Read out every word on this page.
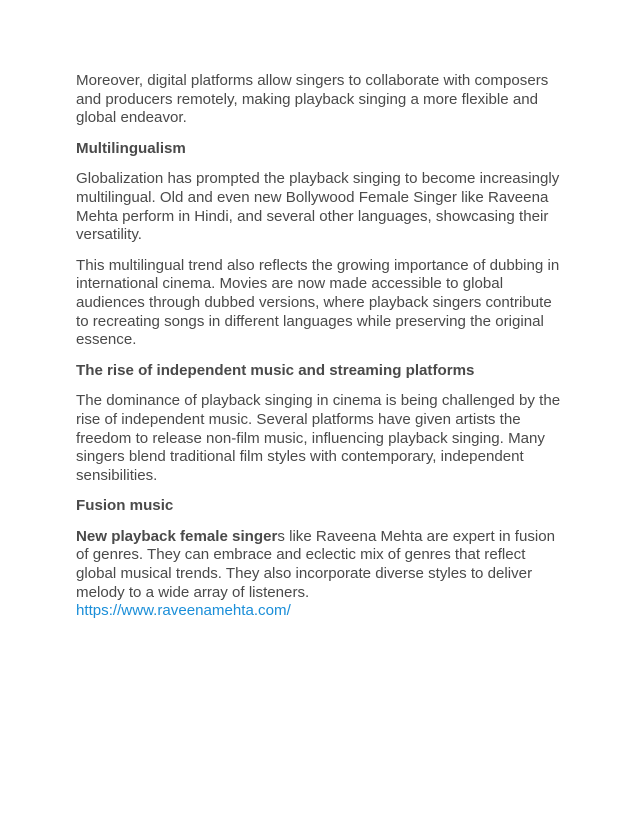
Moreover, digital platforms allow singers to collaborate with composers and producers remotely, making playback singing a more flexible and global endeavor.

Multilingualism

Globalization has prompted the playback singing to become increasingly multilingual. Old and even new Bollywood Female Singer like Raveena Mehta perform in Hindi, and several other languages, showcasing their versatility.

This multilingual trend also reflects the growing importance of dubbing in international cinema. Movies are now made accessible to global audiences through dubbed versions, where playback singers contribute to recreating songs in different languages while preserving the original essence.

The rise of independent music and streaming platforms

The dominance of playback singing in cinema is being challenged by the rise of independent music. Several platforms have given artists the freedom to release non-film music, influencing playback singing. Many singers blend traditional film styles with contemporary, independent sensibilities.

Fusion music

New playback female singers like Raveena Mehta are expert in fusion of genres. They can embrace and eclectic mix of genres that reflect global musical trends. They also incorporate diverse styles to deliver melody to a wide array of listeners.

https://www.raveenamehta.com/
